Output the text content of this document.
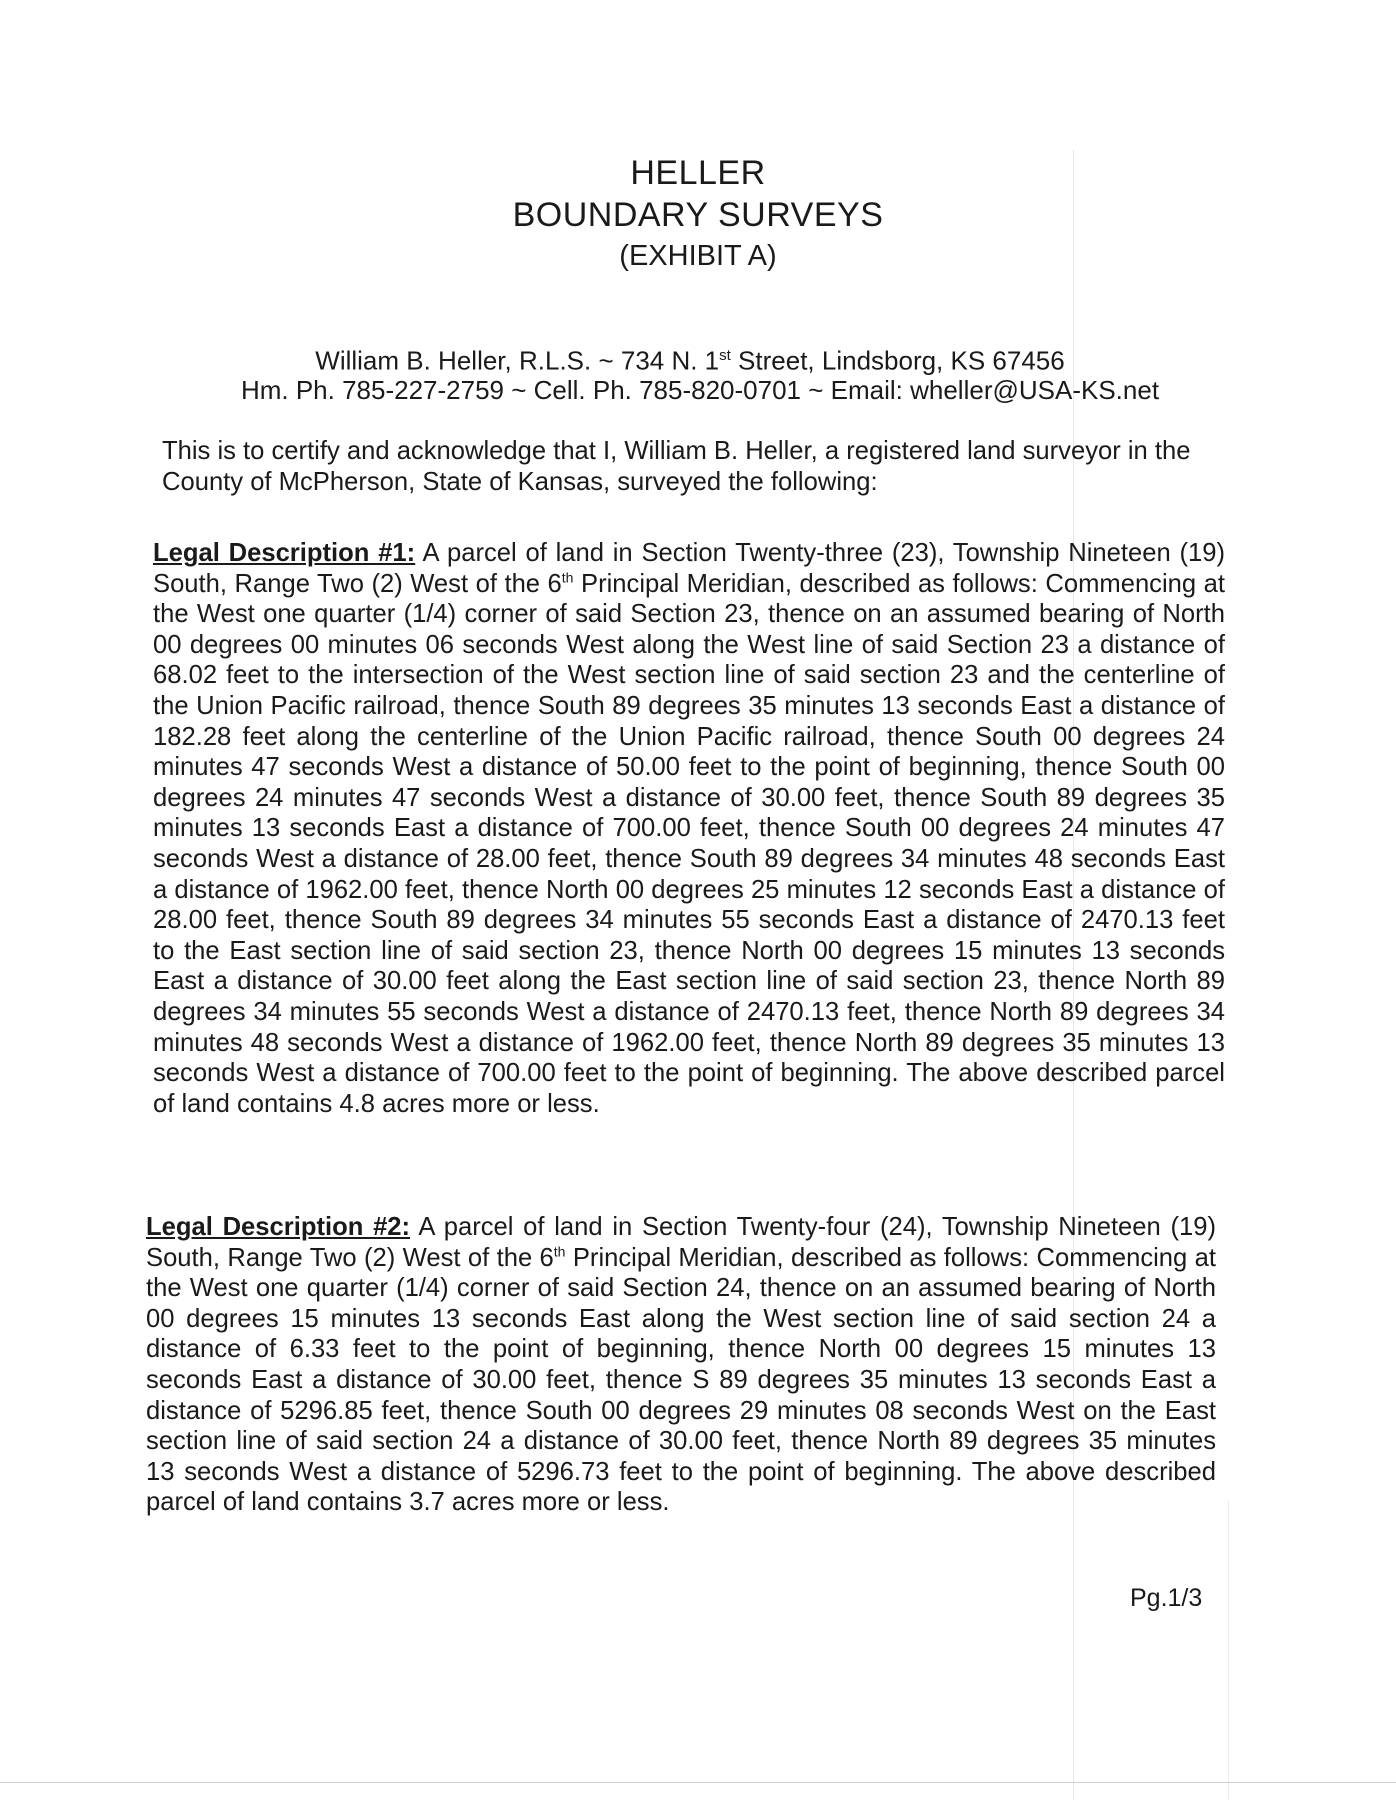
HELLER
BOUNDARY SURVEYS
(EXHIBIT A)
William B. Heller, R.L.S. ~ 734 N. 1st Street, Lindsborg, KS 67456
Hm. Ph. 785-227-2759 ~ Cell. Ph. 785-820-0701 ~ Email: wheller@USA-KS.net
This is to certify and acknowledge that I, William B. Heller, a registered land surveyor in the County of McPherson, State of Kansas, surveyed the following:
Legal Description #1: A parcel of land in Section Twenty-three (23), Township Nineteen (19) South, Range Two (2) West of the 6th Principal Meridian, described as follows: Commencing at the West one quarter (1/4) corner of said Section 23, thence on an assumed bearing of North 00 degrees 00 minutes 06 seconds West along the West line of said Section 23 a distance of 68.02 feet to the intersection of the West section line of said section 23 and the centerline of the Union Pacific railroad, thence South 89 degrees 35 minutes 13 seconds East a distance of 182.28 feet along the centerline of the Union Pacific railroad, thence South 00 degrees 24 minutes 47 seconds West a distance of 50.00 feet to the point of beginning, thence South 00 degrees 24 minutes 47 seconds West a distance of 30.00 feet, thence South 89 degrees 35 minutes 13 seconds East a distance of 700.00 feet, thence South 00 degrees 24 minutes 47 seconds West a distance of 28.00 feet, thence South 89 degrees 34 minutes 48 seconds East a distance of 1962.00 feet, thence North 00 degrees 25 minutes 12 seconds East a distance of 28.00 feet, thence South 89 degrees 34 minutes 55 seconds East a distance of 2470.13 feet to the East section line of said section 23, thence North 00 degrees 15 minutes 13 seconds East a distance of 30.00 feet along the East section line of said section 23, thence North 89 degrees 34 minutes 55 seconds West a distance of 2470.13 feet, thence North 89 degrees 34 minutes 48 seconds West a distance of 1962.00 feet, thence North 89 degrees 35 minutes 13 seconds West a distance of 700.00 feet to the point of beginning. The above described parcel of land contains 4.8 acres more or less.
Legal Description #2: A parcel of land in Section Twenty-four (24), Township Nineteen (19) South, Range Two (2) West of the 6th Principal Meridian, described as follows: Commencing at the West one quarter (1/4) corner of said Section 24, thence on an assumed bearing of North 00 degrees 15 minutes 13 seconds East along the West section line of said section 24 a distance of 6.33 feet to the point of beginning, thence North 00 degrees 15 minutes 13 seconds East a distance of 30.00 feet, thence S 89 degrees 35 minutes 13 seconds East a distance of 5296.85 feet, thence South 00 degrees 29 minutes 08 seconds West on the East section line of said section 24 a distance of 30.00 feet, thence North 89 degrees 35 minutes 13 seconds West a distance of 5296.73 feet to the point of beginning. The above described parcel of land contains 3.7 acres more or less.
Pg.1/3
